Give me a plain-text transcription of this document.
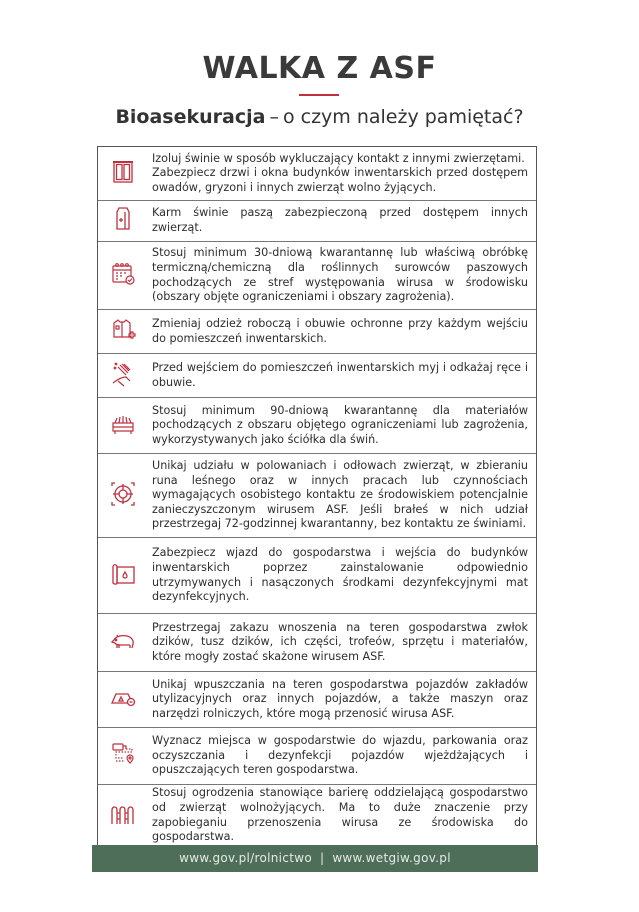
WALKA Z ASF
Bioasekuracja – o czym należy pamiętać?

Izoluj świnie w sposób wykluczający kontakt z innymi zwierzętami.

Zabezpiecz drzwi i okna budynków inwentarskich przed dostępem owadów, gryzoni i innych zwierząt wolno żyjących.

Karm świnie paszą zabezpieczoną przed dostępem innych zwierząt.

Stosuj minimum 30-dniową kwarantannę lub właściwą obróbkę termiczną/chemiczną dla roślinnych surowców paszowych pochodzących ze stref występowania wirusa w środowisku (obszary objęte ograniczeniami i obszary zagrożenia).

Zmieniaj odzież roboczą i obuwie ochronne przy każdym wejściu do pomieszczeń inwentarskich.

Przed wejściem do pomieszczeń inwentarskich myj i odkażaj ręce i obuwie.

Stosuj minimum 90-dniową kwarantannę dla materiałów pochodzących z obszaru objętego ograniczeniami lub zagrożenia, wykorzystywanych jako ściółka dla świń.

Unikaj udziału w polowaniach i odłowach zwierząt, w zbieraniu runa leśnego oraz w innych pracach lub czynnościach wymagających osobistego kontaktu ze środowiskiem potencjalnie zanieczyszczonym wirusem ASF. Jeśli brałeś w nich udział przestrzegaj 72-godzinnej kwarantanny, bez kontaktu ze świniami.

Zabezpiecz wjazd do gospodarstwa i wejścia do budynków inwentarskich poprzez zainstalowanie odpowiednio utrzymywanych i nasączonych środkami dezynfekcyjnymi mat dezynfekcyjnych.

Przestrzegaj zakazu wnoszenia na teren gospodarstwa zwłok dzików, tusz dzików, ich części, trofeów, sprzętu i materiałów, które mogły zostać skażone wirusem ASF.

Unikaj wpuszczania na teren gospodarstwa pojazdów zakładów utylizacyjnych oraz innych pojazdów, a także maszyn oraz narzędzi rolniczych, które mogą przenosić wirusa ASF.

Wyznacz miejsca w gospodarstwie do wjazdu, parkowania oraz oczyszczania i dezynfekcji pojazdów wjeżdżających i opuszczających teren gospodarstwa.

Stosuj ogrodzenia stanowiące barierę oddzielającą gospodarstwo od zwierząt wolnożyjących. Ma to duże znaczenie przy zapobieganiu przenoszenia wirusa ze środowiska do gospodarstwa.

www.gov.pl/rolnictwo | www.wetgiw.gov.pl
